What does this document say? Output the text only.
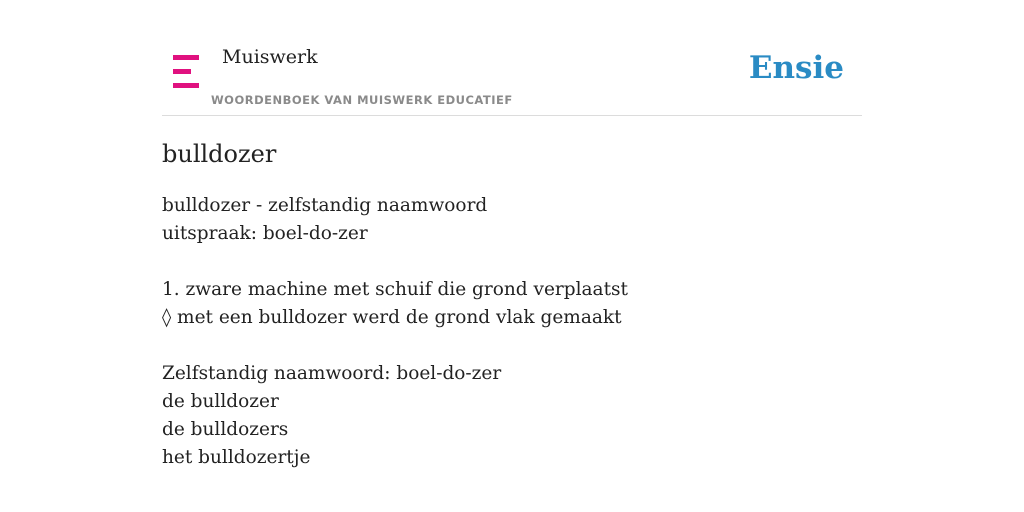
Muiswerk
WOORDENBOEK VAN MUISWERK EDUCATIEF
Ensie
bulldozer
bulldozer - zelfstandig naamwoord
uitspraak: boel-do-zer
1. zware machine met schuif die grond verplaatst
◊ met een bulldozer werd de grond vlak gemaakt
Zelfstandig naamwoord: boel-do-zer
de bulldozer
de bulldozers
het bulldozertje
